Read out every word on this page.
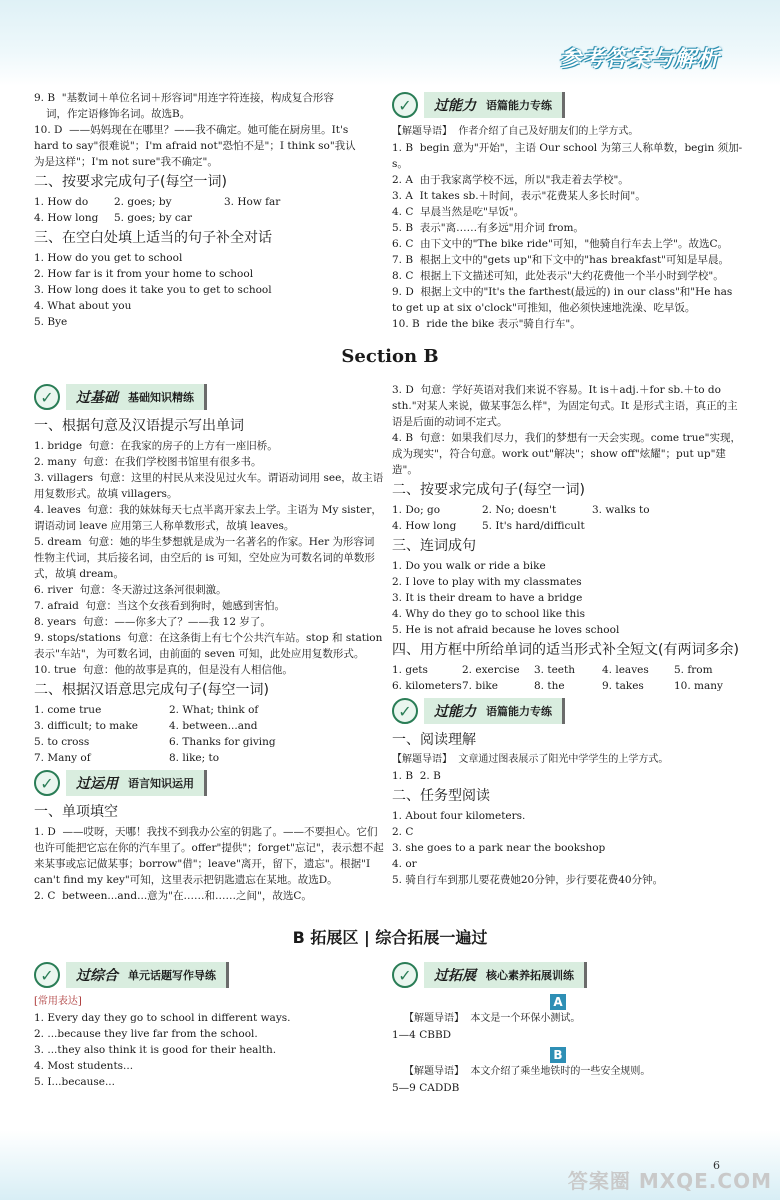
参考答案与解析
9. B  "基数词＋单位名词＋形容词"用连字符连接，构成复合形容
词，作定语修饰名词。故选B。
10. D  ——妈妈现在在哪里？——我不确定。她可能在厨房里。It's
hard to say"很难说"；I'm afraid not"恐怕不是"；I think so"我认
为是这样"；I'm not sure"我不确定"。
二、按要求完成句子(每空一词)
1. How do	2. goes; by	3. How far
4. How long	5. goes; by car
三、在空白处填上适当的句子补全对话
1. How do you get to school
2. How far is it from your home to school
3. How long does it take you to get to school
4. What about you
5. Bye
✓	过能力 语篇能力专练
【解题导语】  作者介绍了自己及好朋友们的上学方式。
1. B  begin 意为"开始"，主语 Our school 为第三人称单数，begin 须加-s。
2. A  由于我家离学校不远，所以"我走着去学校"。
3. A  It takes sb.＋时间，表示"花费某人多长时间"。
4. C  早晨当然是吃"早饭"。
5. B  表示"离……有多远"用介词 from。
6. C  由下文中的"The bike ride"可知，"他骑自行车去上学"。故选C。
7. B  根据上文中的"gets up"和下文中的"has breakfast"可知是早晨。
8. C  根据上下文描述可知，此处表示"大约花费他一个半小时到学校"。
9. D  根据上文中的"It's the farthest(最远的) in our class"和"He has to get up at six o'clock"可推知，他必须快速地洗澡、吃早饭。
10. B  ride the bike 表示"骑自行车"。
Section B
✓	过基础 基础知识精练
一、根据句意及汉语提示写出单词
1. bridge  句意：在我家的房子的上方有一座旧桥。
2. many  句意：在我们学校图书馆里有很多书。
3. villagers  句意：这里的村民从来没见过火车。谓语动词用 see，故主语用复数形式。故填 villagers。
4. leaves  句意：我的妹妹每天七点半离开家去上学。主语为 My sister，谓语动词 leave 应用第三人称单数形式，故填 leaves。
5. dream  句意：她的毕生梦想就是成为一名著名的作家。Her 为形容词性物主代词，其后接名词，由空后的 is 可知，空处应为可数名词的单数形式，故填 dream。
6. river  句意：冬天游过这条河很刺激。
7. afraid  句意：当这个女孩看到狗时，她感到害怕。
8. years  句意：——你多大了？——我 12 岁了。
9. stops/stations  句意：在这条街上有七个公共汽车站。stop 和 station 表示"车站"，为可数名词，由前面的 seven 可知，此处应用复数形式。
10. true  句意：他的故事是真的，但是没有人相信他。
二、根据汉语意思完成句子(每空一词)
1. come true	2. What; think of
3. difficult; to make	4. between...and
5. to cross	6. Thanks for giving
7. Many of	8. like; to
✓	过运用 语言知识运用
一、单项填空
1. D  ——哎呀，天哪！我找不到我办公室的钥匙了。——不要担心。它们也许可能把它忘在你的汽车里了。offer"提供"；forget"忘记"，表示想不起来某事或忘记做某事；borrow"借"；leave"离开，留下，遗忘"。根据"I can't find my key"可知，这里表示把钥匙遗忘在某地。故选D。
2. C  between...and...意为"在……和……之间"，故选C。
3. D  句意：学好英语对我们来说不容易。It is＋adj.＋for sb.＋to do sth."对某人来说，做某事怎么样"，为固定句式。It 是形式主语，真正的主语是后面的动词不定式。
4. B  句意：如果我们尽力，我们的梦想有一天会实现。come true"实现，成为现实"，符合句意。work out"解决"；show off"炫耀"；put up"建造"。
二、按要求完成句子(每空一词)
1. Do; go	2. No; doesn't	3. walks to
4. How long	5. It's hard/difficult
三、连词成句
1. Do you walk or ride a bike
2. I love to play with my classmates
3. It is their dream to have a bridge
4. Why do they go to school like this
5. He is not afraid because he loves school
四、用方框中所给单词的适当形式补全短文(有两词多余)
1. gets	2. exercise	3. teeth	4. leaves	5. from
6. kilometers 7. bike	8. the	9. takes	10. many
✓	过能力 语篇能力专练
一、阅读理解
【解题导语】  文章通过图表展示了阳光中学学生的上学方式。
1. B  2. B
二、任务型阅读
1. About four kilometers.
2. C
3. she goes to a park near the bookshop
4. or
5. 骑自行车到那儿要花费她20分钟，步行要花费40分钟。
B 拓展区 | 综合拓展一遍过
✓	过综合 单元话题写作导练
[常用表达]
1. Every day they go to school in different ways.
2. ...because they live far from the school.
3. ...they also think it is good for their health.
4. Most students...
5. I...because...
✓	过拓展 核心素养拓展训练
A
【解题导语】  本文是一个环保小测试。
1—4 CBBD
B
【解题导语】  本文介绍了乘坐地铁时的一些安全规则。
5—9 CADDB
6
答案圈 MXQE.COM
